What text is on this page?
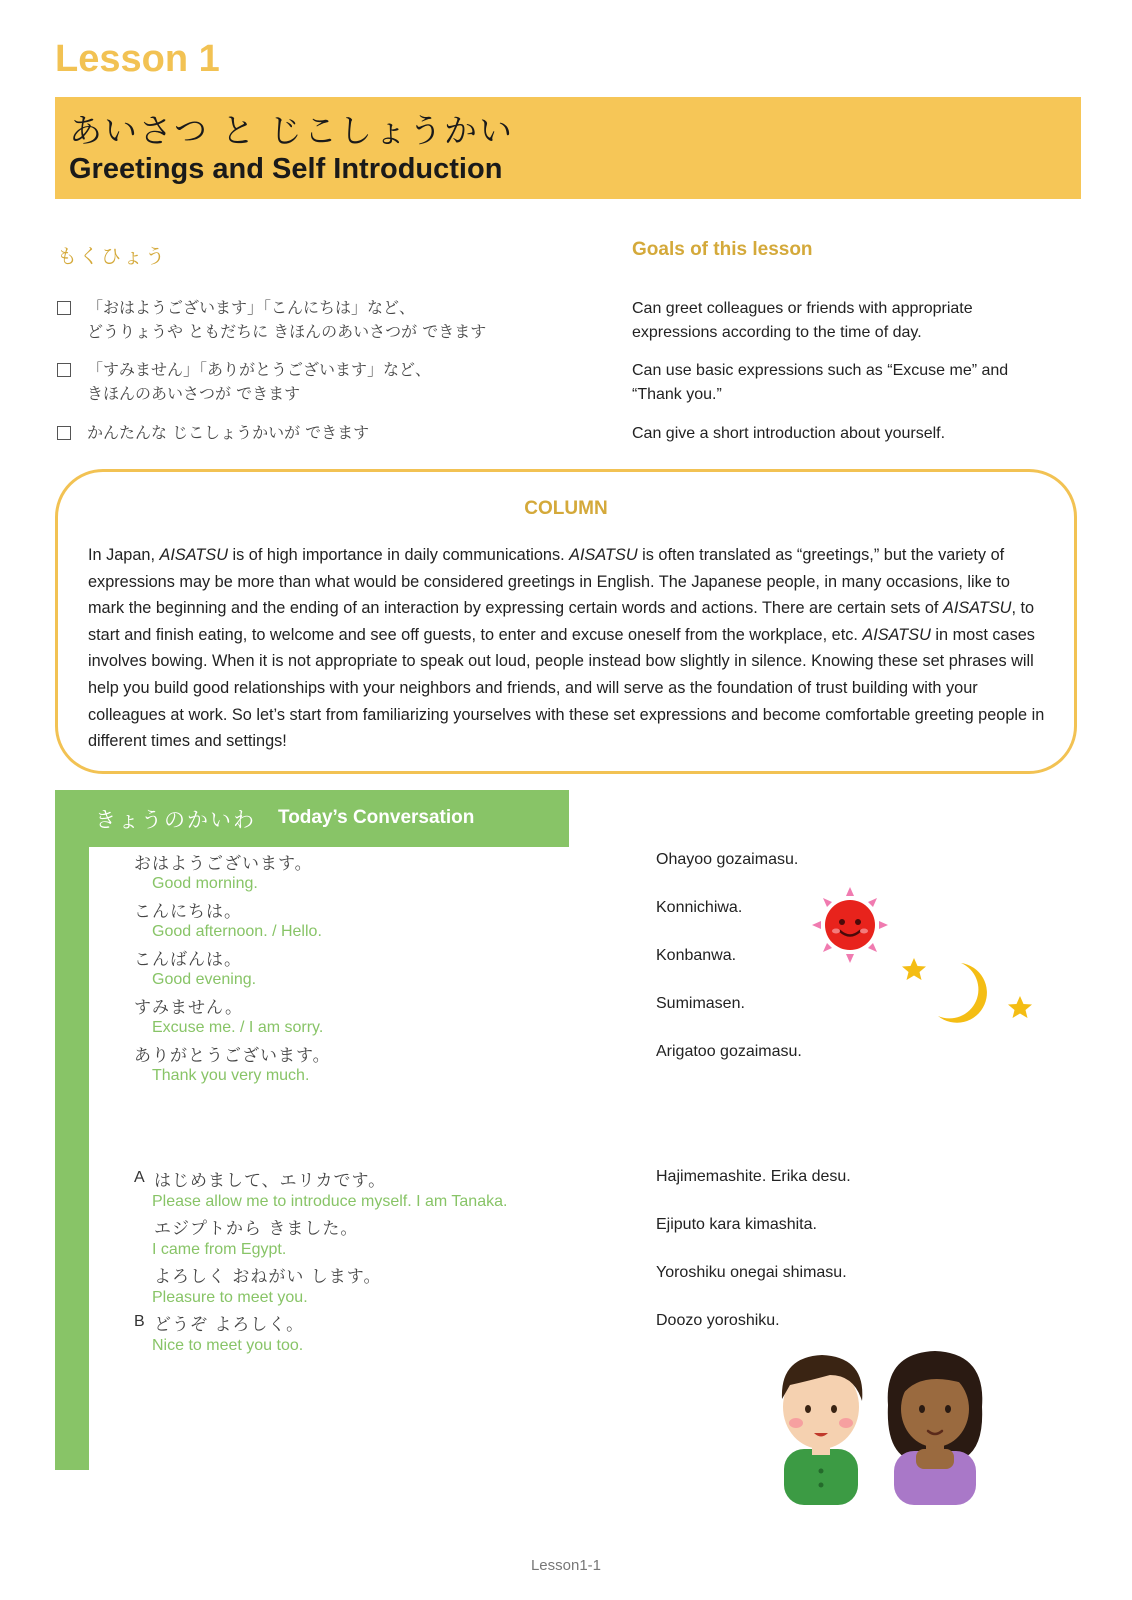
Lesson 1
あいさつ と じこしょうかい
Greetings and Self Introduction
もくひょう	Goals of this lesson
「おはようございます」「こんにちは」など、
どうりょうや ともだちに きほんのあいさつが できます
Can greet colleagues or friends with appropriate
expressions according to the time of day.
「すみません」「ありがとうございます」など、
きほんのあいさつが できます
Can use basic expressions such as “Excuse me” and
“Thank you.”
かんたんな じこしょうかいが できます	Can give a short introduction about yourself.
COLUMN
In Japan, AISATSU is of high importance in daily communications. AISATSU is often translated as “greetings,” but the variety of expressions may be more than what would be considered greetings in English. The Japanese people, in many occasions, like to mark the beginning and the ending of an interaction by expressing certain words and actions. There are certain sets of AISATSU, to start and finish eating, to welcome and see off guests, to enter and excuse oneself from the workplace, etc. AISATSU in most cases involves bowing. When it is not appropriate to speak out loud, people instead bow slightly in silence. Knowing these set phrases will help you build good relationships with your neighbors and friends, and will serve as the foundation of trust building with your colleagues at work. So let’s start from familiarizing yourselves with these set expressions and become comfortable greeting people in different times and settings!
きょうのかいわ Today’s Conversation
おはようございます。
Good morning.
Ohayoo gozaimasu.
こんにちは。
Good afternoon. / Hello.
Konnichiwa.
こんばんは。
Good evening.
Konbanwa.
すみません。
Excuse me. / I am sorry.
Sumimasen.
ありがとうございます。
Thank you very much.
Arigatoo gozaimasu.
A はじめまして、エリカです。
Please allow me to introduce myself. I am Tanaka.
Hajimemashite. Erika desu.
エジプトから きました。
I came from Egypt.
Ejiputo kara kimashita.
よろしく おねがい します。
Pleasure to meet you.
Yoroshiku onegai shimasu.
B どうぞ よろしく。
Nice to meet you too.
Doozo yoroshiku.
Lesson1-1
